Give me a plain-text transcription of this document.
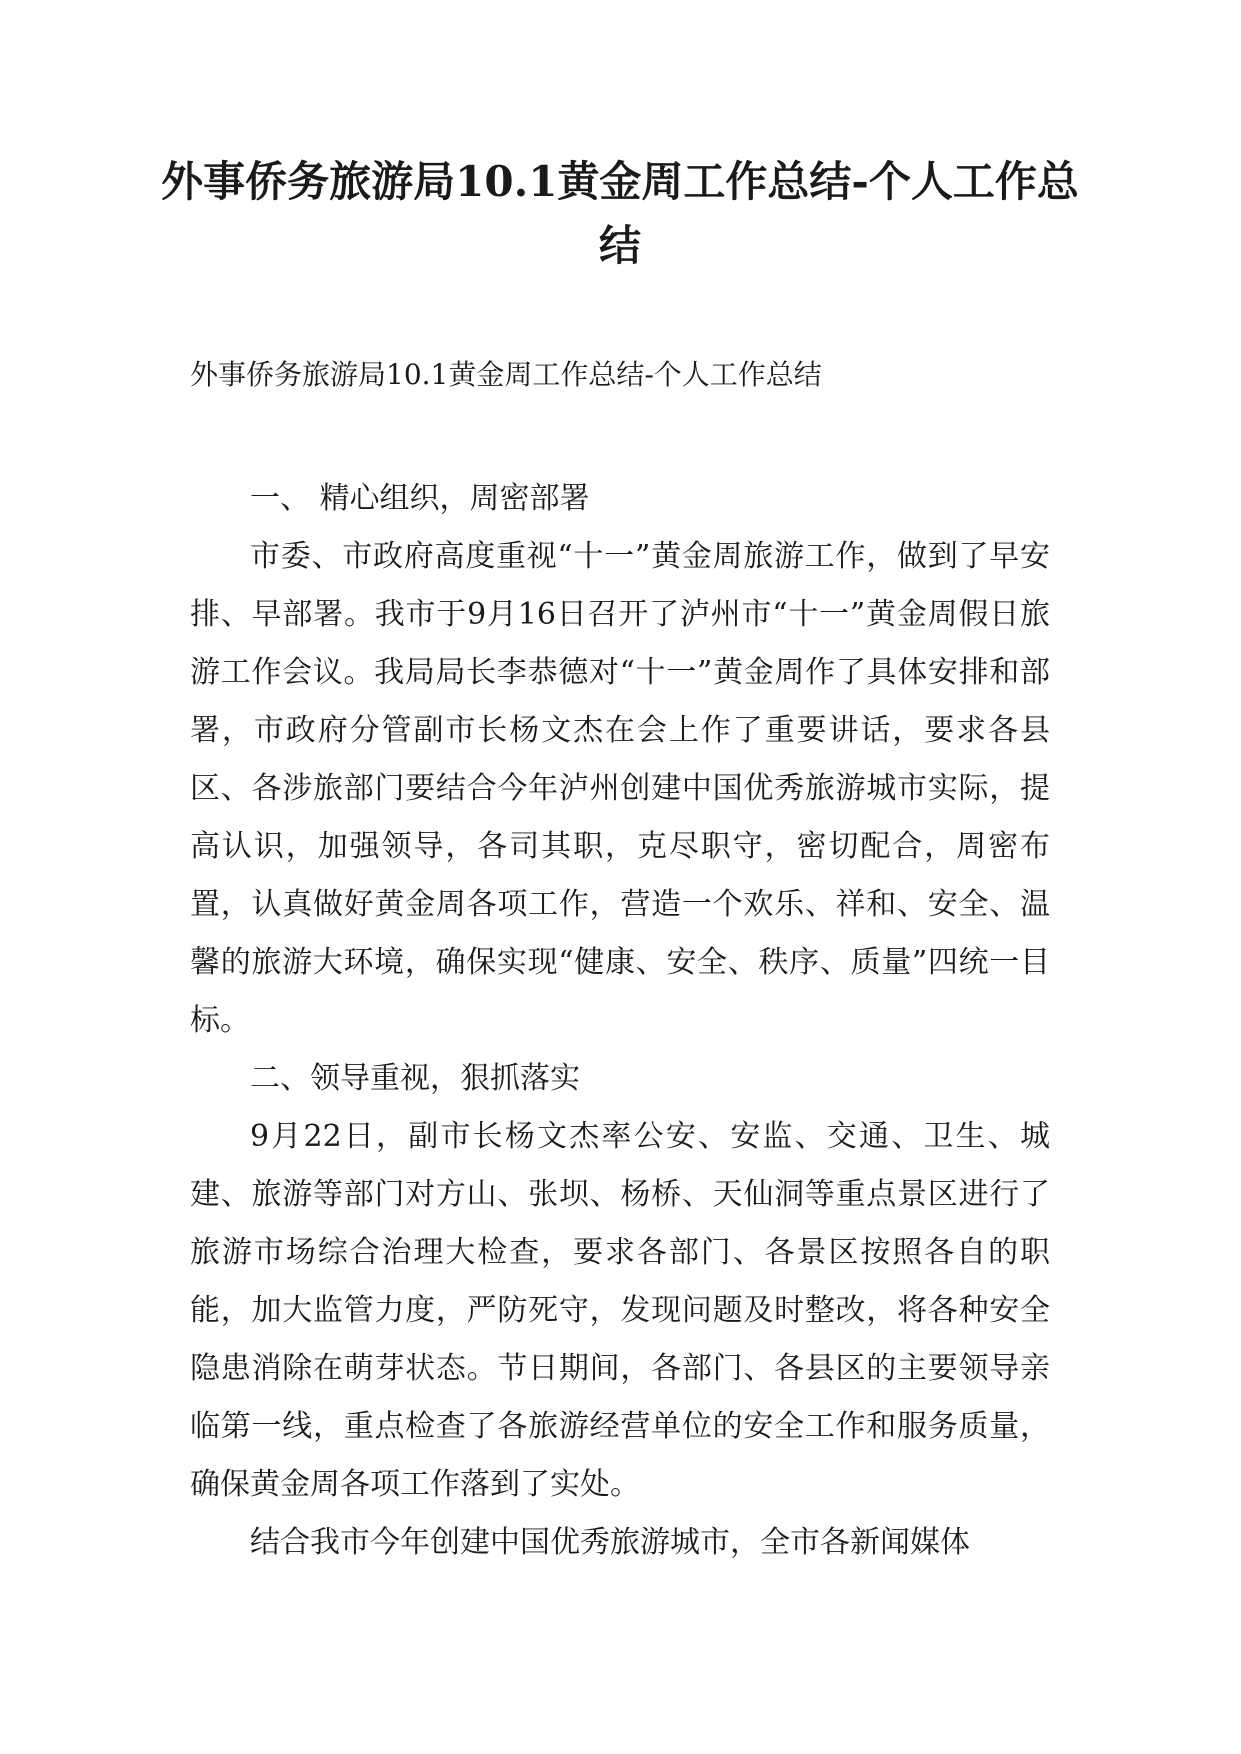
外事侨务旅游局10.1黄金周工作总结-个人工作总结

外事侨务旅游局10.1黄金周工作总结-个人工作总结

一、 精心组织，周密部署

市委、市政府高度重视“十一”黄金周旅游工作，做到了早安排、早部署。我市于9月16日召开了泸州市“十一”黄金周假日旅游工作会议。我局局长李恭德对“十一”黄金周作了具体安排和部署，市政府分管副市长杨文杰在会上作了重要讲话，要求各县区、各涉旅部门要结合今年泸州创建中国优秀旅游城市实际，提高认识，加强领导，各司其职，克尽职守，密切配合，周密布置，认真做好黄金周各项工作，营造一个欢乐、祥和、安全、温馨的旅游大环境，确保实现“健康、安全、秩序、质量”四统一目标。

二、领导重视，狠抓落实

9月22日，副市长杨文杰率公安、安监、交通、卫生、城建、旅游等部门对方山、张坝、杨桥、天仙洞等重点景区进行了旅游市场综合治理大检查，要求各部门、各景区按照各自的职能，加大监管力度，严防死守，发现问题及时整改，将各种安全隐患消除在萌芽状态。节日期间，各部门、各县区的主要领导亲临第一线，重点检查了各旅游经营单位的安全工作和服务质量，确保黄金周各项工作落到了实处。

结合我市今年创建中国优秀旅游城市，全市各新闻媒体
